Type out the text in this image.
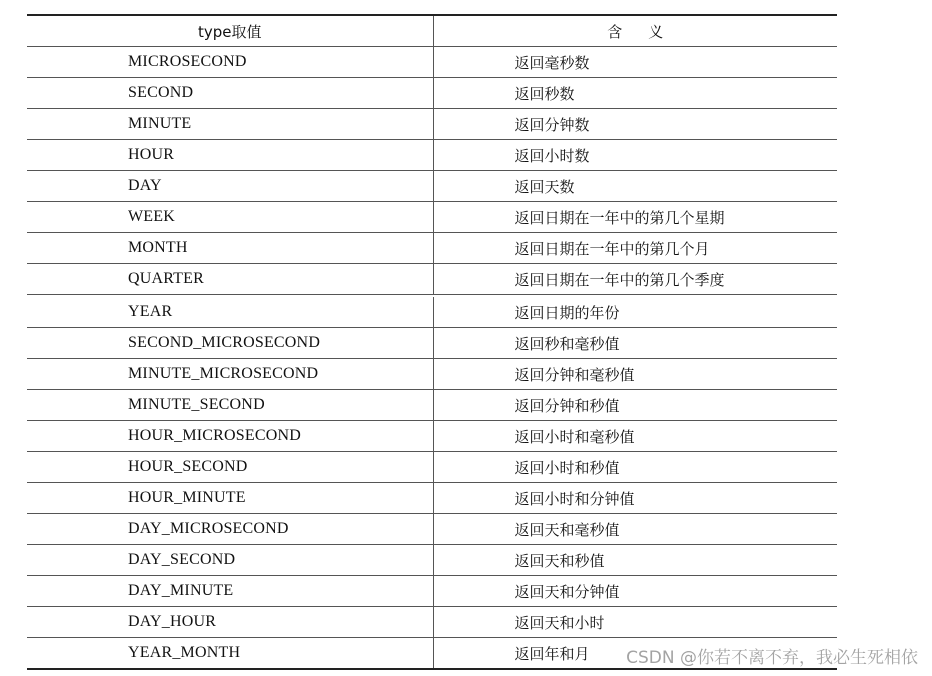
type取值	含义
MICROSECOND	返回毫秒数
SECOND	返回秒数
MINUTE	返回分钟数
HOUR	返回小时数
DAY	返回天数
WEEK	返回日期在一年中的第几个星期
MONTH	返回日期在一年中的第几个月
QUARTER	返回日期在一年中的第几个季度
YEAR	返回日期的年份
SECOND_MICROSECOND	返回秒和毫秒值
MINUTE_MICROSECOND	返回分钟和毫秒值
MINUTE_SECOND	返回分钟和秒值
HOUR_MICROSECOND	返回小时和毫秒值
HOUR_SECOND	返回小时和秒值
HOUR_MINUTE	返回小时和分钟值
DAY_MICROSECOND	返回天和毫秒值
DAY_SECOND	返回天和秒值
DAY_MINUTE	返回天和分钟值
DAY_HOUR	返回天和小时
YEAR_MONTH	返回年和月 CSDN @你若不离不弃，我必生死相依
